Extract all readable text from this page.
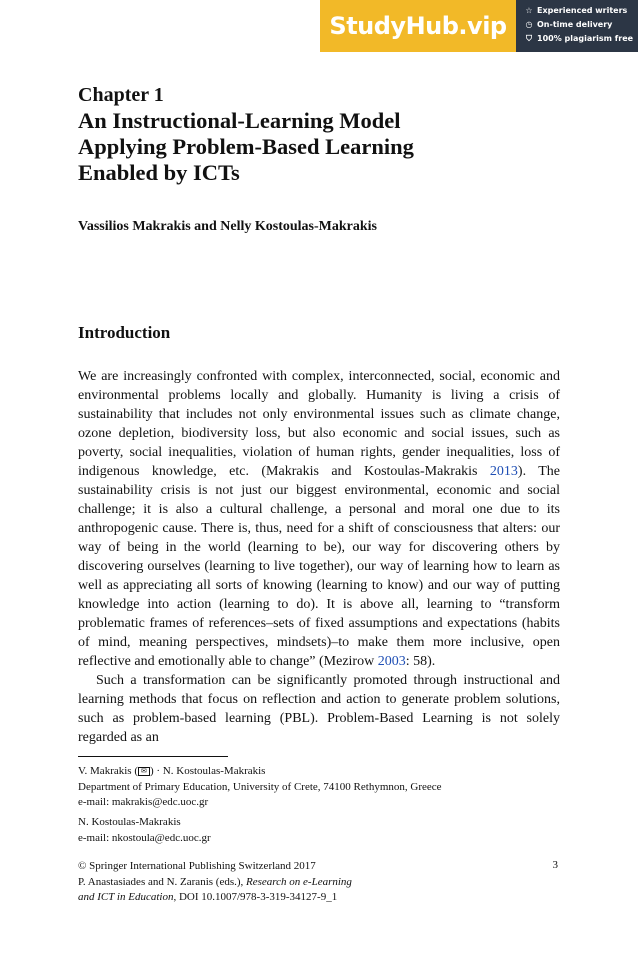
StudyHub.vip
☆ Experienced writers
◷ On-time delivery
⛉ 100% plagiarism free
Chapter 1
An Instructional-Learning Model
Applying Problem-Based Learning
Enabled by ICTs
Vassilios Makrakis and Nelly Kostoulas-Makrakis
Introduction

We are increasingly confronted with complex, interconnected, social, economic and environmental problems locally and globally. Humanity is living a crisis of sustainability that includes not only environmental issues such as climate change, ozone depletion, biodiversity loss, but also economic and social issues, such as poverty, social inequalities, violation of human rights, gender inequalities, loss of indigenous knowledge, etc. (Makrakis and Kostoulas-Makrakis 2013). The sustainability crisis is not just our biggest environmental, economic and social challenge; it is also a cultural challenge, a personal and moral one due to its anthropogenic cause. There is, thus, need for a shift of consciousness that alters: our way of being in the world (learning to be), our way for discovering others by discovering ourselves (learning to live together), our way of learning how to learn as well as appreciating all sorts of knowing (learning to know) and our way of putting knowledge into action (learning to do). It is above all, learning to “transform problematic frames of references–sets of fixed assumptions and expectations (habits of mind, meaning perspectives, mindsets)–to make them more inclusive, open reflective and emotionally able to change” (Mezirow 2003: 58).

Such a transformation can be significantly promoted through instructional and learning methods that focus on reflection and action to generate problem solutions, such as problem-based learning (PBL). Problem-Based Learning is not solely regarded as an

V. Makrakis ( ✉ ) · N. Kostoulas-Makrakis
Department of Primary Education, University of Crete, 74100 Rethymnon, Greece
e-mail: makrakis@edc.uoc.gr
N. Kostoulas-Makrakis
e-mail: nkostoula@edc.uoc.gr
© Springer International Publishing Switzerland 2017
P. Anastasiades and N. Zaranis (eds.), Research on e-Learning
and ICT in Education, DOI 10.1007/978-3-319-34127-9_1
3
